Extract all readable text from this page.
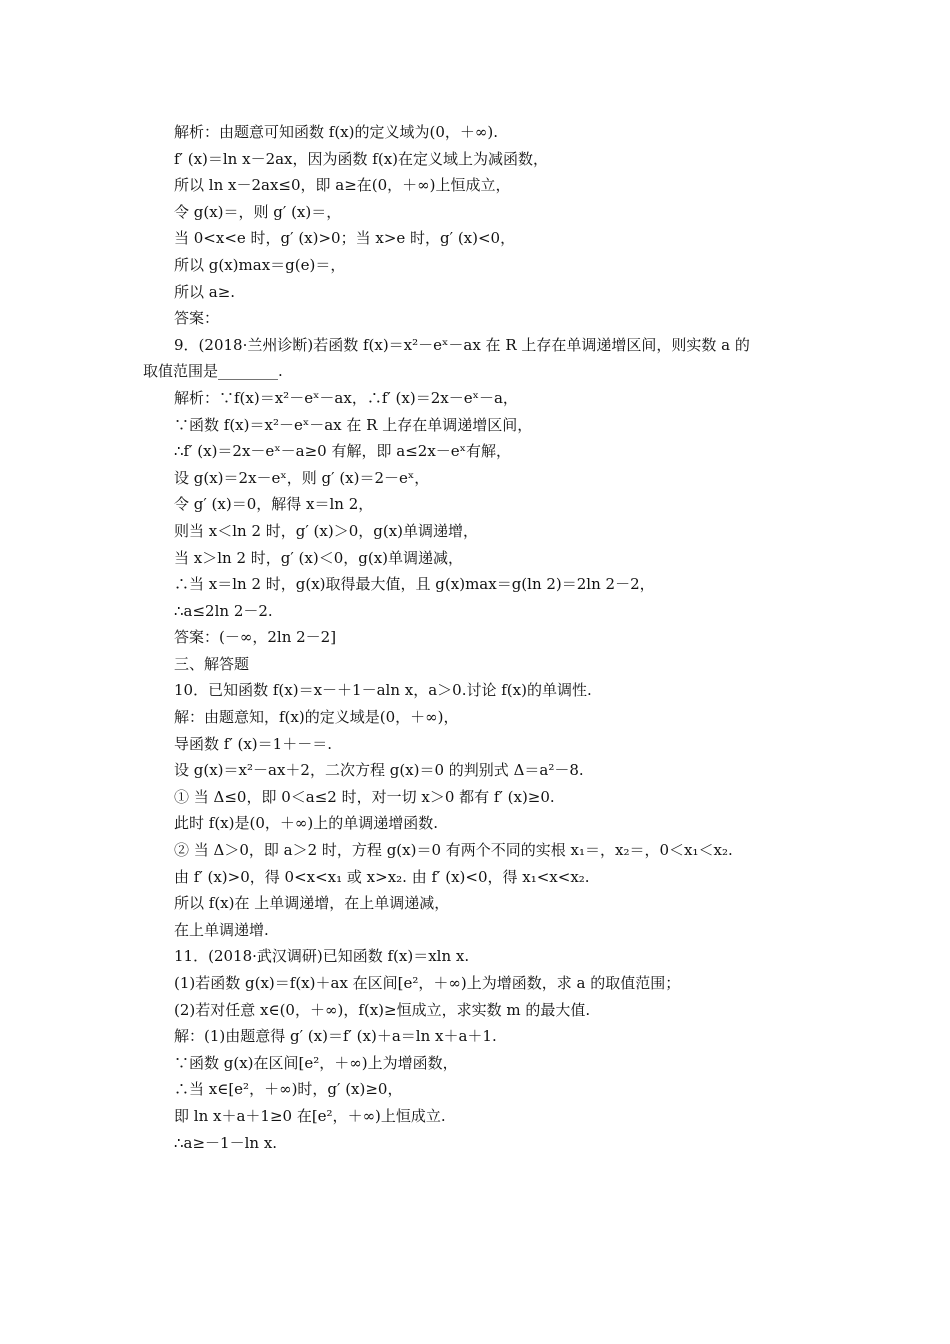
解析：由题意可知函数 f(x)的定义域为(0，＋∞).
f′ (x)＝ln x－2ax，因为函数 f(x)在定义域上为减函数，
所以 ln x－2ax≤0，即 a≥在(0，＋∞)上恒成立，
令 g(x)＝，则 g′ (x)＝，
当 0<x<e 时，g′ (x)>0；当 x>e 时，g′ (x)<0，
所以 g(x)max＝g(e)＝，
所以 a≥.
答案：
9．(2018·兰州诊断)若函数 f(x)＝x²－eˣ－ax 在 R 上存在单调递增区间，则实数 a 的
取值范围是________.
解析：∵f(x)＝x²－eˣ－ax，∴f′ (x)＝2x－eˣ－a，
∵函数 f(x)＝x²－eˣ－ax 在 R 上存在单调递增区间，
∴f′ (x)＝2x－eˣ－a≥0 有解，即 a≤2x－eˣ有解，
设 g(x)＝2x－eˣ，则 g′ (x)＝2－eˣ，
令 g′ (x)＝0，解得 x＝ln 2，
则当 x＜ln 2 时，g′ (x)＞0，g(x)单调递增，
当 x＞ln 2 时，g′ (x)＜0，g(x)单调递减，
∴当 x＝ln 2 时，g(x)取得最大值，且 g(x)max＝g(ln 2)＝2ln 2－2，
∴a≤2ln 2－2.
答案：(－∞，2ln 2－2]
三、解答题
10．已知函数 f(x)＝x－＋1－aln x，a＞0.讨论 f(x)的单调性.
解：由题意知，f(x)的定义域是(0，＋∞)，
导函数 f′ (x)＝1＋－＝.
设 g(x)＝x²－ax＋2，二次方程 g(x)＝0 的判别式 Δ＝a²－8.
① 当 Δ≤0，即 0＜a≤2 时，对一切 x＞0 都有 f′ (x)≥0.
此时 f(x)是(0，＋∞)上的单调递增函数.
② 当 Δ＞0，即 a＞2 时，方程 g(x)＝0 有两个不同的实根 x₁＝，x₂＝，0＜x₁＜x₂.
由 f′ (x)>0，得 0<x<x₁ 或 x>x₂. 由 f′ (x)<0，得 x₁<x<x₂.
所以 f(x)在 上单调递增，在上单调递减，
在上单调递增.
11．(2018·武汉调研)已知函数 f(x)＝xln x.
(1)若函数 g(x)＝f(x)＋ax 在区间[e²，＋∞)上为增函数，求 a 的取值范围；
(2)若对任意 x∈(0，＋∞)，f(x)≥恒成立，求实数 m 的最大值.
解：(1)由题意得 g′ (x)＝f′ (x)＋a＝ln x＋a＋1.
∵函数 g(x)在区间[e²，＋∞)上为增函数，
∴当 x∈[e²，＋∞)时，g′ (x)≥0，
即 ln x＋a＋1≥0 在[e²，＋∞)上恒成立.
∴a≥－1－ln x.
